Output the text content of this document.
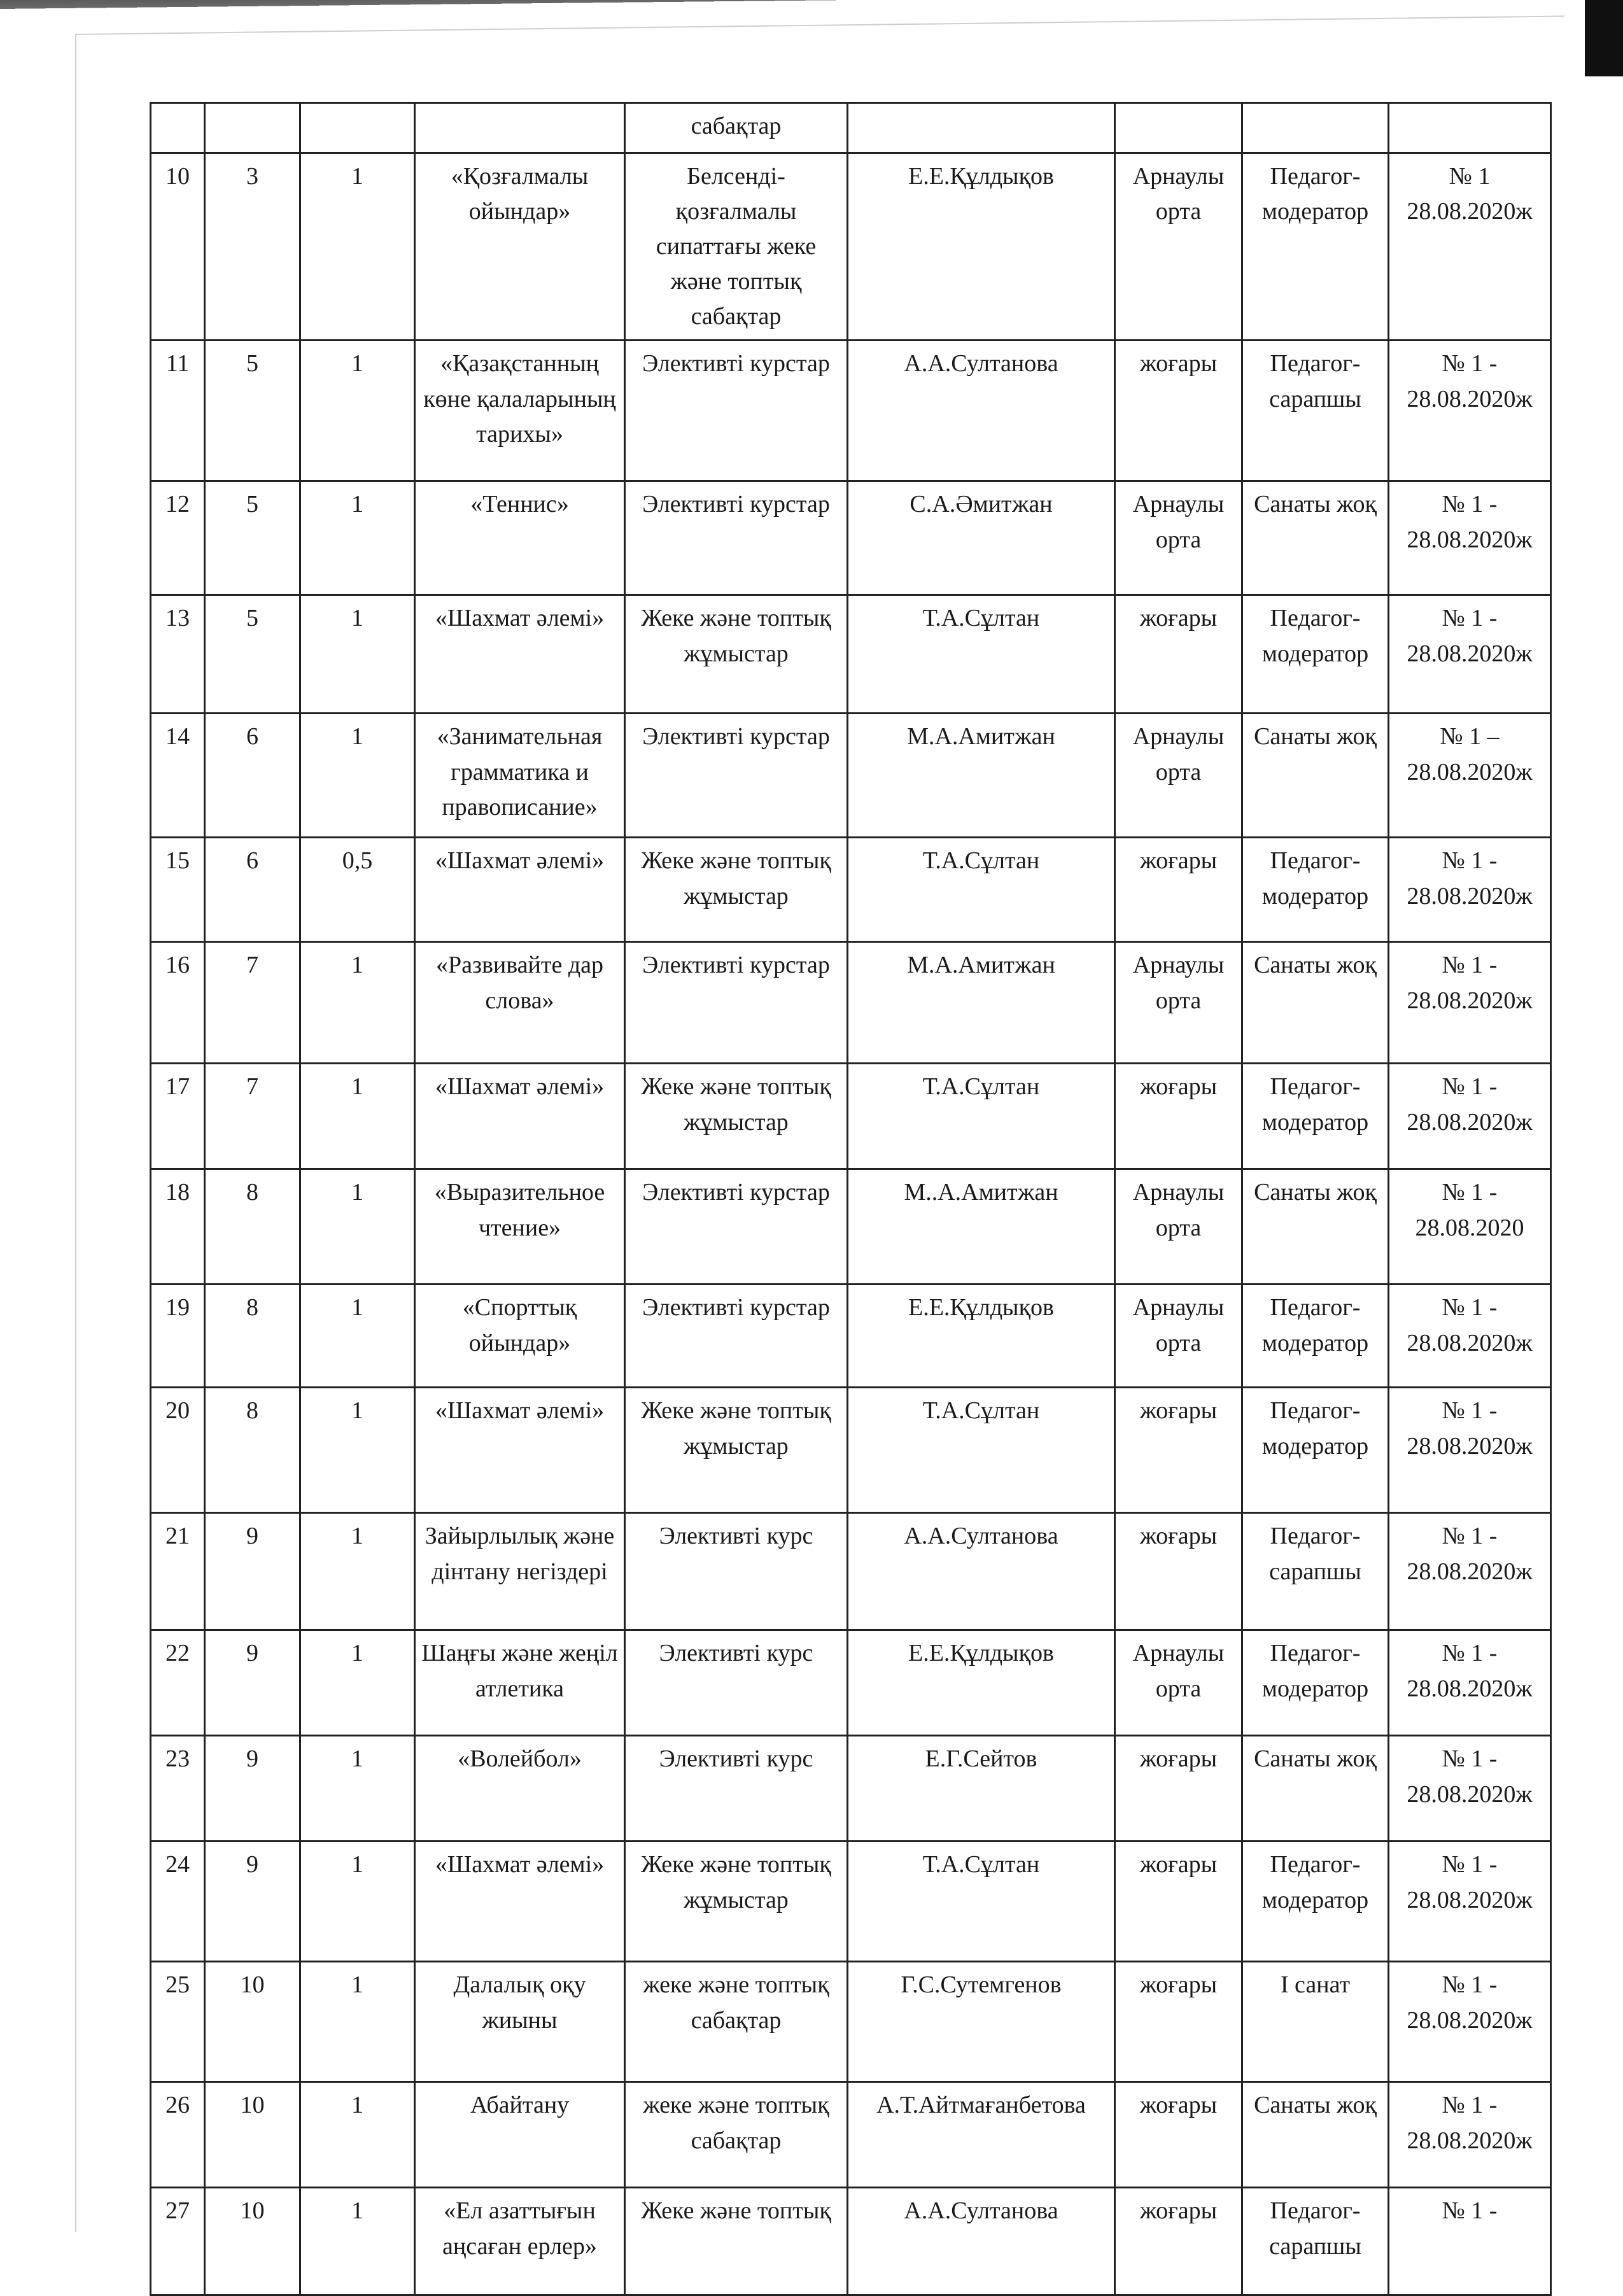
				сабақтар				
10	3	1	«Қозғалмалы ойындар»	Белсенді-қозғалмалы сипаттағы жеке және топтық сабақтар	Е.Е.Құлдықов	Арнаулы орта	Педагог-модератор	№ 1 28.08.2020ж
11	5	1	«Қазақстанның көне қалаларының тарихы»	Элективті курстар	А.А.Султанова	жоғары	Педагог-сарапшы	№ 1 - 28.08.2020ж
12	5	1	«Теннис»	Элективті курстар	С.А.Әмитжан	Арнаулы орта	Санаты жоқ	№ 1 - 28.08.2020ж
13	5	1	«Шахмат әлемі»	Жеке және топтық жұмыстар	Т.А.Сұлтан	жоғары	Педагог-модератор	№ 1 - 28.08.2020ж
14	6	1	«Занимательная грамматика и правописание»	Элективті курстар	М.А.Амитжан	Арнаулы орта	Санаты жоқ	№ 1 – 28.08.2020ж
15	6	0,5	«Шахмат әлемі»	Жеке және топтық жұмыстар	Т.А.Сұлтан	жоғары	Педагог-модератор	№ 1 - 28.08.2020ж
16	7	1	«Развивайте дар слова»	Элективті курстар	М.А.Амитжан	Арнаулы орта	Санаты жоқ	№ 1 - 28.08.2020ж
17	7	1	«Шахмат әлемі»	Жеке және топтық жұмыстар	Т.А.Сұлтан	жоғары	Педагог-модератор	№ 1 - 28.08.2020ж
18	8	1	«Выразительное чтение»	Элективті курстар	М..А.Амитжан	Арнаулы орта	Санаты жоқ	№ 1 - 28.08.2020
19	8	1	«Спорттық ойындар»	Элективті курстар	Е.Е.Құлдықов	Арнаулы орта	Педагог-модератор	№ 1 - 28.08.2020ж
20	8	1	«Шахмат әлемі»	Жеке және топтық жұмыстар	Т.А.Сұлтан	жоғары	Педагог-модератор	№ 1 - 28.08.2020ж
21	9	1	Зайырлылық және дінтану негіздері	Элективті курс	А.А.Султанова	жоғары	Педагог-сарапшы	№ 1 - 28.08.2020ж
22	9	1	Шаңғы және жеңіл атлетика	Элективті курс	Е.Е.Құлдықов	Арнаулы орта	Педагог-модератор	№ 1 - 28.08.2020ж
23	9	1	«Волейбол»	Элективті курс	Е.Г.Сейтов	жоғары	Санаты жоқ	№ 1 - 28.08.2020ж
24	9	1	«Шахмат әлемі»	Жеке және топтық жұмыстар	Т.А.Сұлтан	жоғары	Педагог-модератор	№ 1 - 28.08.2020ж
25	10	1	Далалық оқу жиыны	жеке және топтық сабақтар	Г.С.Сутемгенов	жоғары	І санат	№ 1 - 28.08.2020ж
26	10	1	Абайтану	жеке және топтық сабақтар	А.Т.Айтмағанбетова	жоғары	Санаты жоқ	№ 1 - 28.08.2020ж
27	10	1	«Ел азаттығын аңсаған ерлер»	Жеке және топтық	А.А.Султанова	жоғары	Педагог-сарапшы	№ 1 -
